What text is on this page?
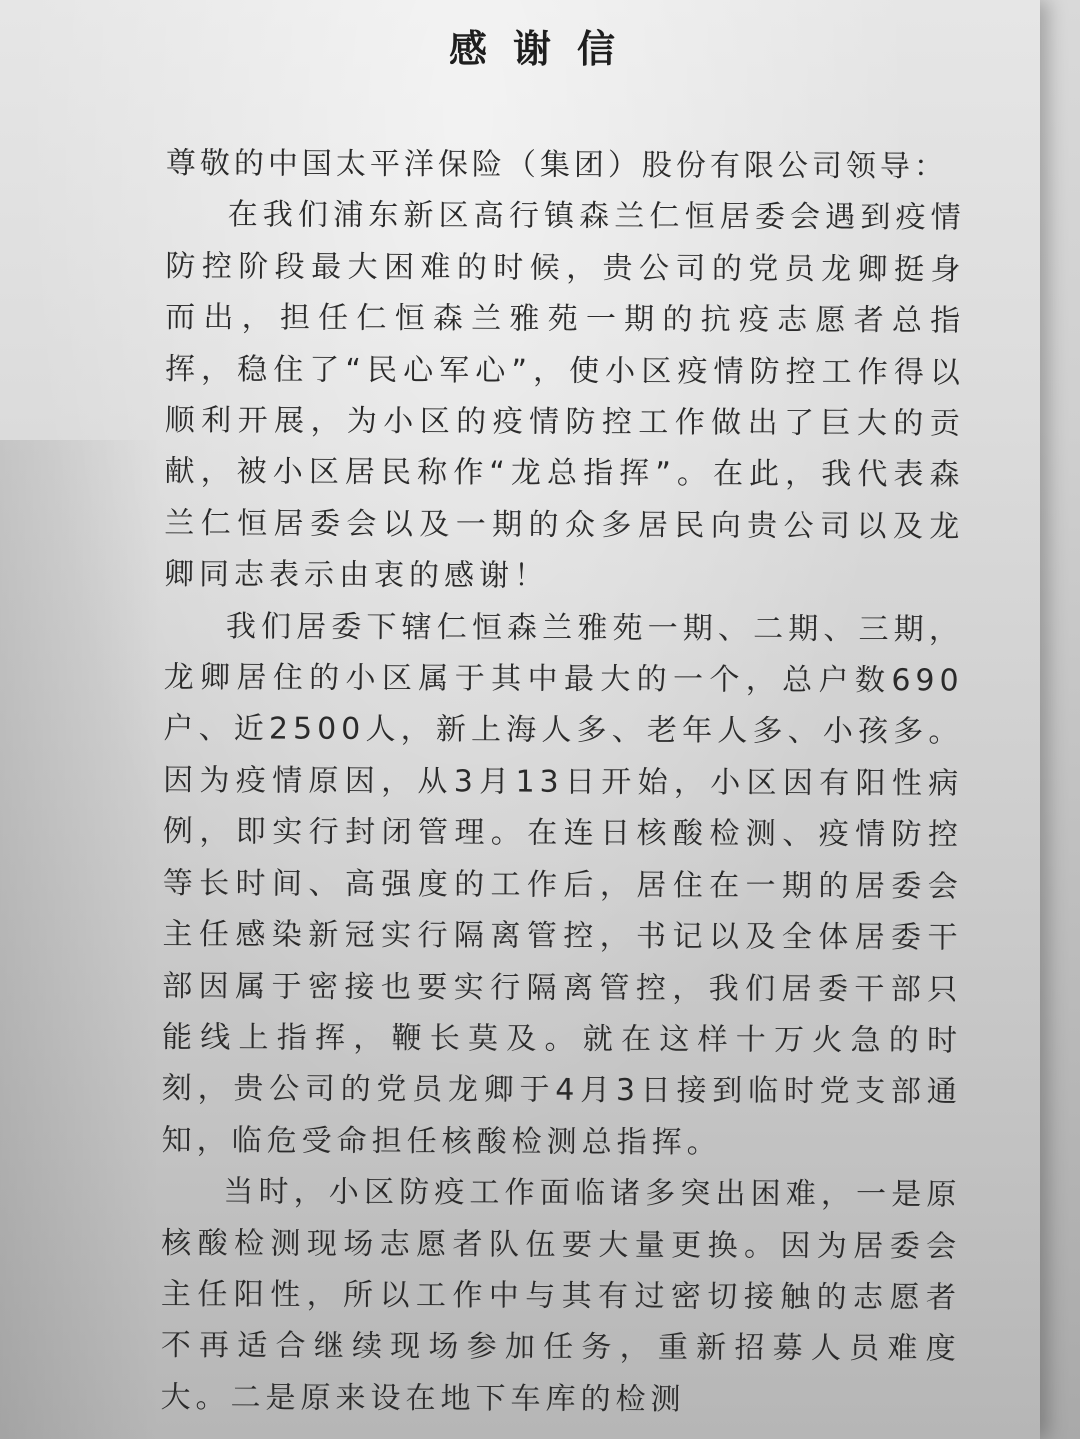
感谢信

尊敬的中国太平洋保险（集团）股份有限公司领导：

在我们浦东新区高行镇森兰仁恒居委会遇到疫情防控阶段最大困难的时候，贵公司的党员龙卿挺身而出，担任仁恒森兰雅苑一期的抗疫志愿者总指挥，稳住了“民心军心”，使小区疫情防控工作得以顺利开展，为小区的疫情防控工作做出了巨大的贡献，被小区居民称作“龙总指挥”。在此，我代表森兰仁恒居委会以及一期的众多居民向贵公司以及龙卿同志表示由衷的感谢！

我们居委下辖仁恒森兰雅苑一期、二期、三期，龙卿居住的小区属于其中最大的一个，总户数690户、近2500人，新上海人多、老年人多、小孩多。因为疫情原因，从3月13日开始，小区因有阳性病例，即实行封闭管理。在连日核酸检测、疫情防控等长时间、高强度的工作后，居住在一期的居委会主任感染新冠实行隔离管控，书记以及全体居委干部因属于密接也要实行隔离管控，我们居委干部只能线上指挥，鞭长莫及。就在这样十万火急的时刻，贵公司的党员龙卿于4月3日接到临时党支部通知，临危受命担任核酸检测总指挥。

当时，小区防疫工作面临诸多突出困难，一是原核酸检测现场志愿者队伍要大量更换。因为居委会主任阳性，所以工作中与其有过密切接触的志愿者不再适合继续现场参加任务，重新招募人员难度大。二是原来设在地下车库的检测
